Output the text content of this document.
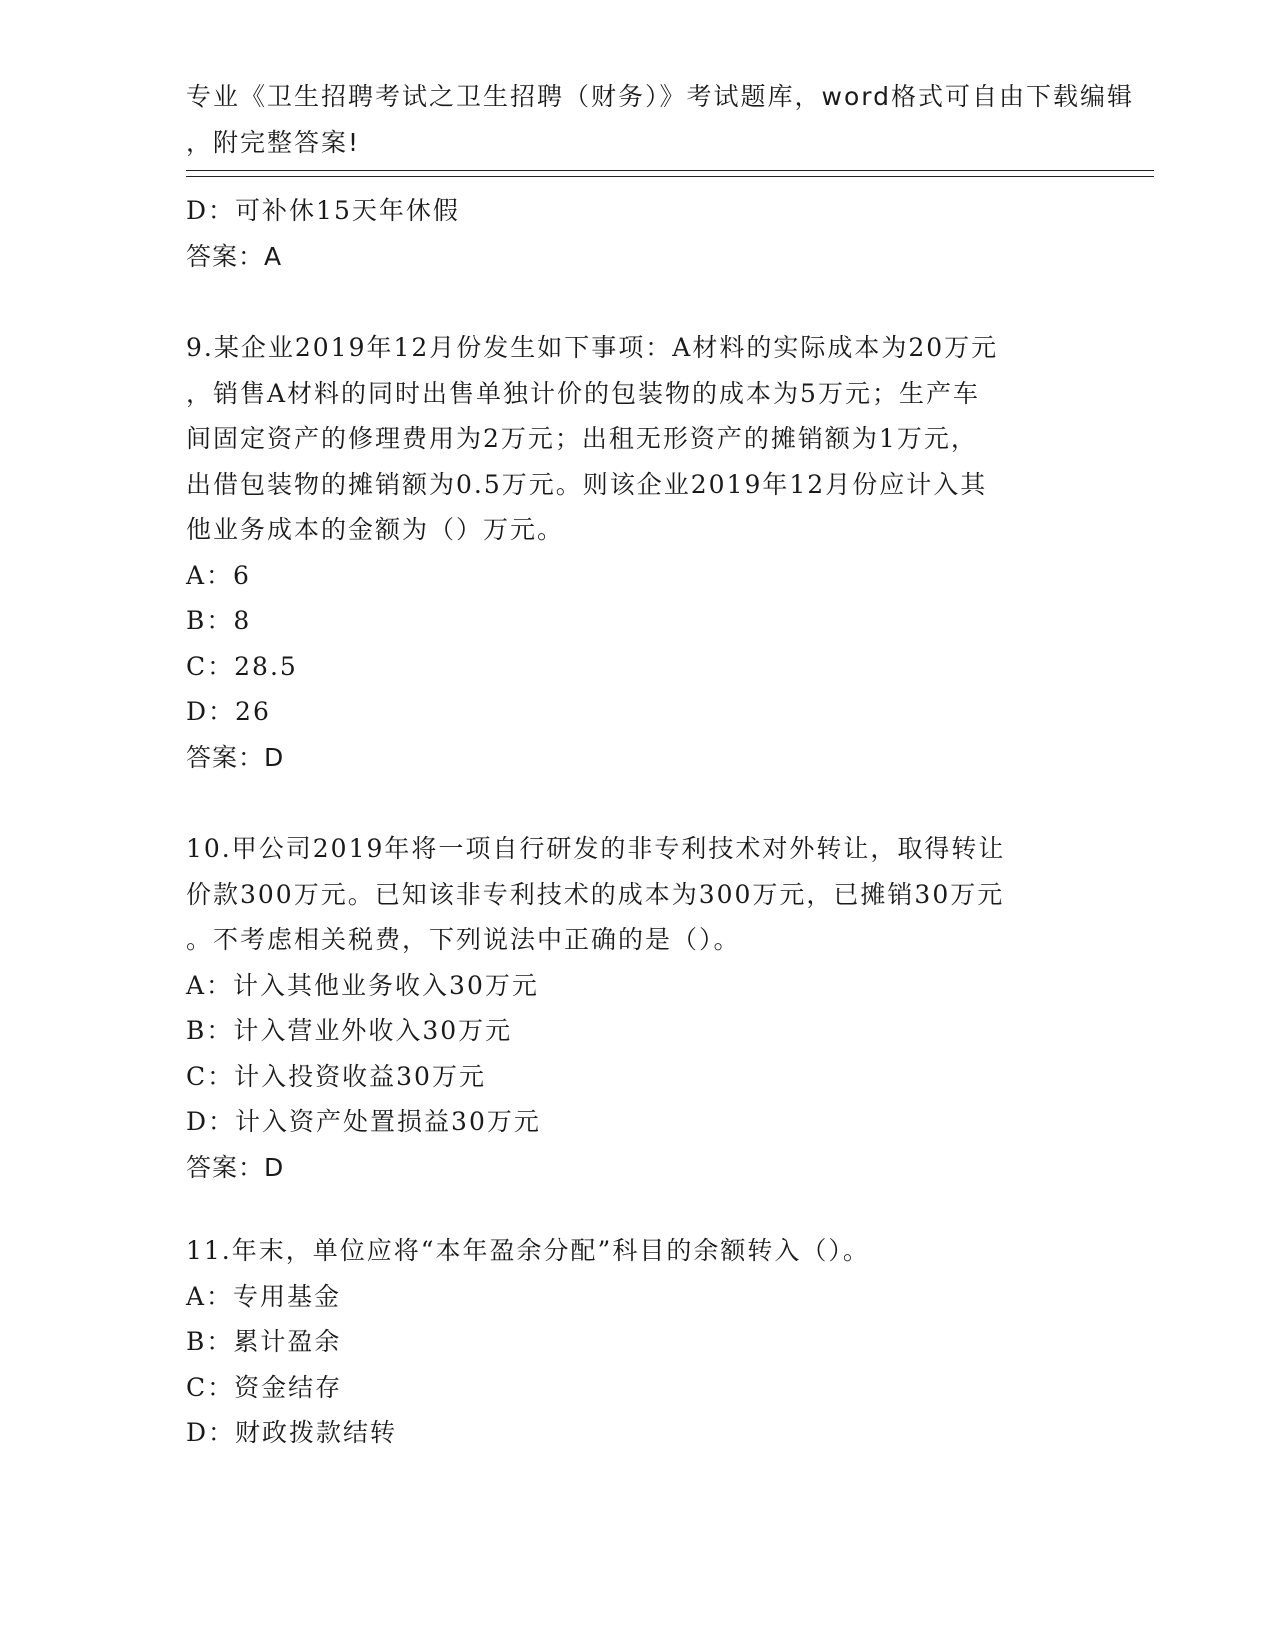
专业《卫生招聘考试之卫生招聘（财务）》考试题库，word格式可自由下载编辑
，附完整答案!
D：可补休15天年休假
答案：A
9.某企业2019年12月份发生如下事项：A材料的实际成本为20万元
，销售A材料的同时出售单独计价的包装物的成本为5万元；生产车
间固定资产的修理费用为2万元；出租无形资产的摊销额为1万元，
出借包装物的摊销额为0.5万元。则该企业2019年12月份应计入其
他业务成本的金额为（）万元。
A：6
B：8
C：28.5
D：26
答案：D
10.甲公司2019年将一项自行研发的非专利技术对外转让，取得转让
价款300万元。已知该非专利技术的成本为300万元，已摊销30万元
。不考虑相关税费，下列说法中正确的是（）。
A：计入其他业务收入30万元
B：计入营业外收入30万元
C：计入投资收益30万元
D：计入资产处置损益30万元
答案：D
11.年末，单位应将“本年盈余分配”科目的余额转入（）。
A：专用基金
B：累计盈余
C：资金结存
D：财政拨款结转
